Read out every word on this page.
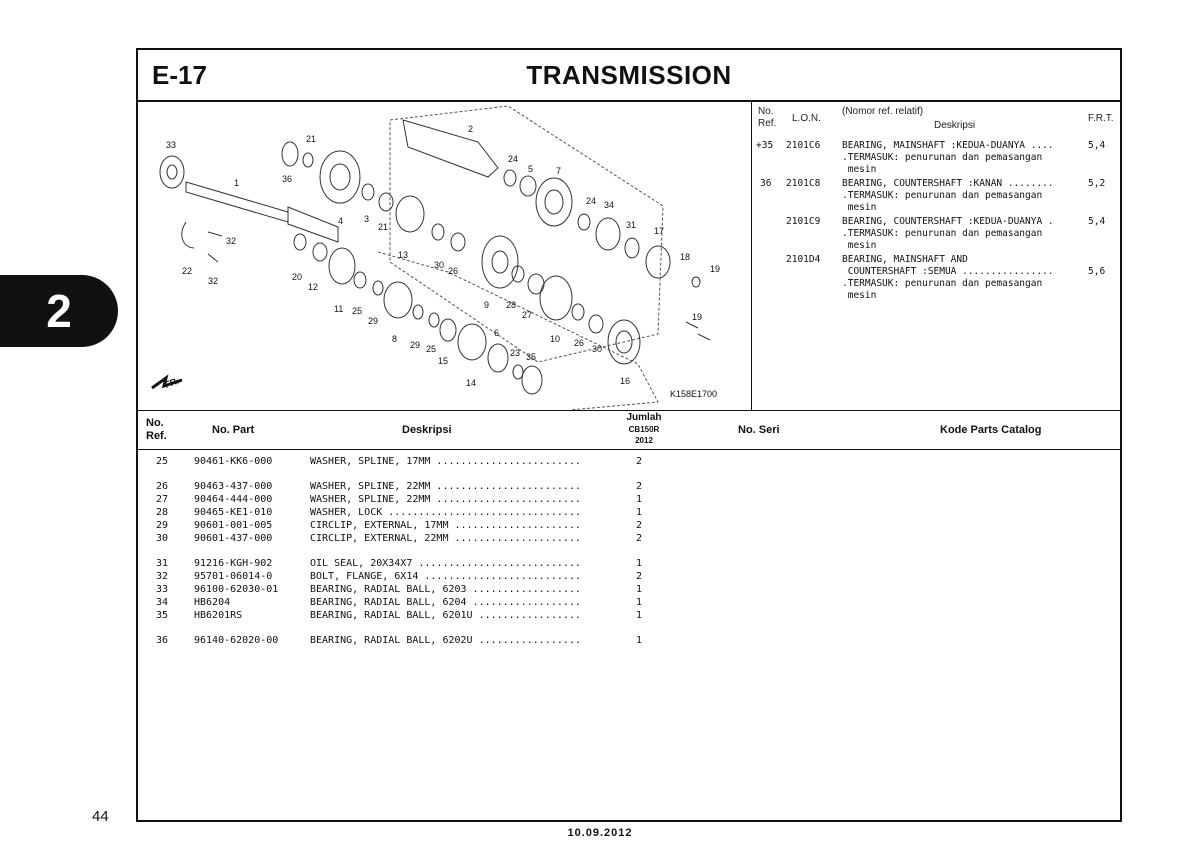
2
E-17	TRANSMISSION
2
21
33
36
1
24
5	7
4 3
21
34
24
31
17
32
13
30
26
18
19
22
32	20
12
11 25
29
9 28
27
10 26
19
8
29 25
6
30
15
23 35
14	16
FR.
K158E1700
No.
Ref. L.O.N.
(Nomor ref. relatif)
Deskripsi
F.R.T.
+35 2101C6 BEARING, MAINSHAFT :KEDUA-DUANYA ....
.TERMASUK: penurunan dan pemasangan
mesin
5,4
36 2101C8 BEARING, COUNTERSHAFT :KANAN ........
.TERMASUK: penurunan dan pemasangan
mesin
5,2
2101C9 BEARING, COUNTERSHAFT :KEDUA-DUANYA .
.TERMASUK: penurunan dan pemasangan
mesin
5,4
2101D4 BEARING, MAINSHAFT AND
COUNTERSHAFT :SEMUA ................
.TERMASUK: penurunan dan pemasangan
mesin
5,6
No. Ref.	No. Part	Deskripsi
Jumlah
CB150R
2012
No. Seri	Kode Parts Catalog
25	90461-KK6-000	WASHER, SPLINE, 17MM ........................	2
26	90463-437-000	WASHER, SPLINE, 22MM ........................	2
27	90464-444-000	WASHER, SPLINE, 22MM ........................	1
28	90465-KE1-010	WASHER, LOCK ................................	1
29	90601-001-005	CIRCLIP, EXTERNAL, 17MM .....................	2
30	90601-437-000	CIRCLIP, EXTERNAL, 22MM .....................	2
31	91216-KGH-902	OIL SEAL, 20X34X7 ...........................	1
32	95701-06014-0	BOLT, FLANGE, 6X14 ..........................	2
33	96100-62030-01	BEARING, RADIAL BALL, 6203 ..................	1
34	HB6204	BEARING, RADIAL BALL, 6204 ..................	1
35	HB6201RS	BEARING, RADIAL BALL, 6201U .................	1
36	96140-62020-00	BEARING, RADIAL BALL, 6202U .................	1
44
10.09.2012
